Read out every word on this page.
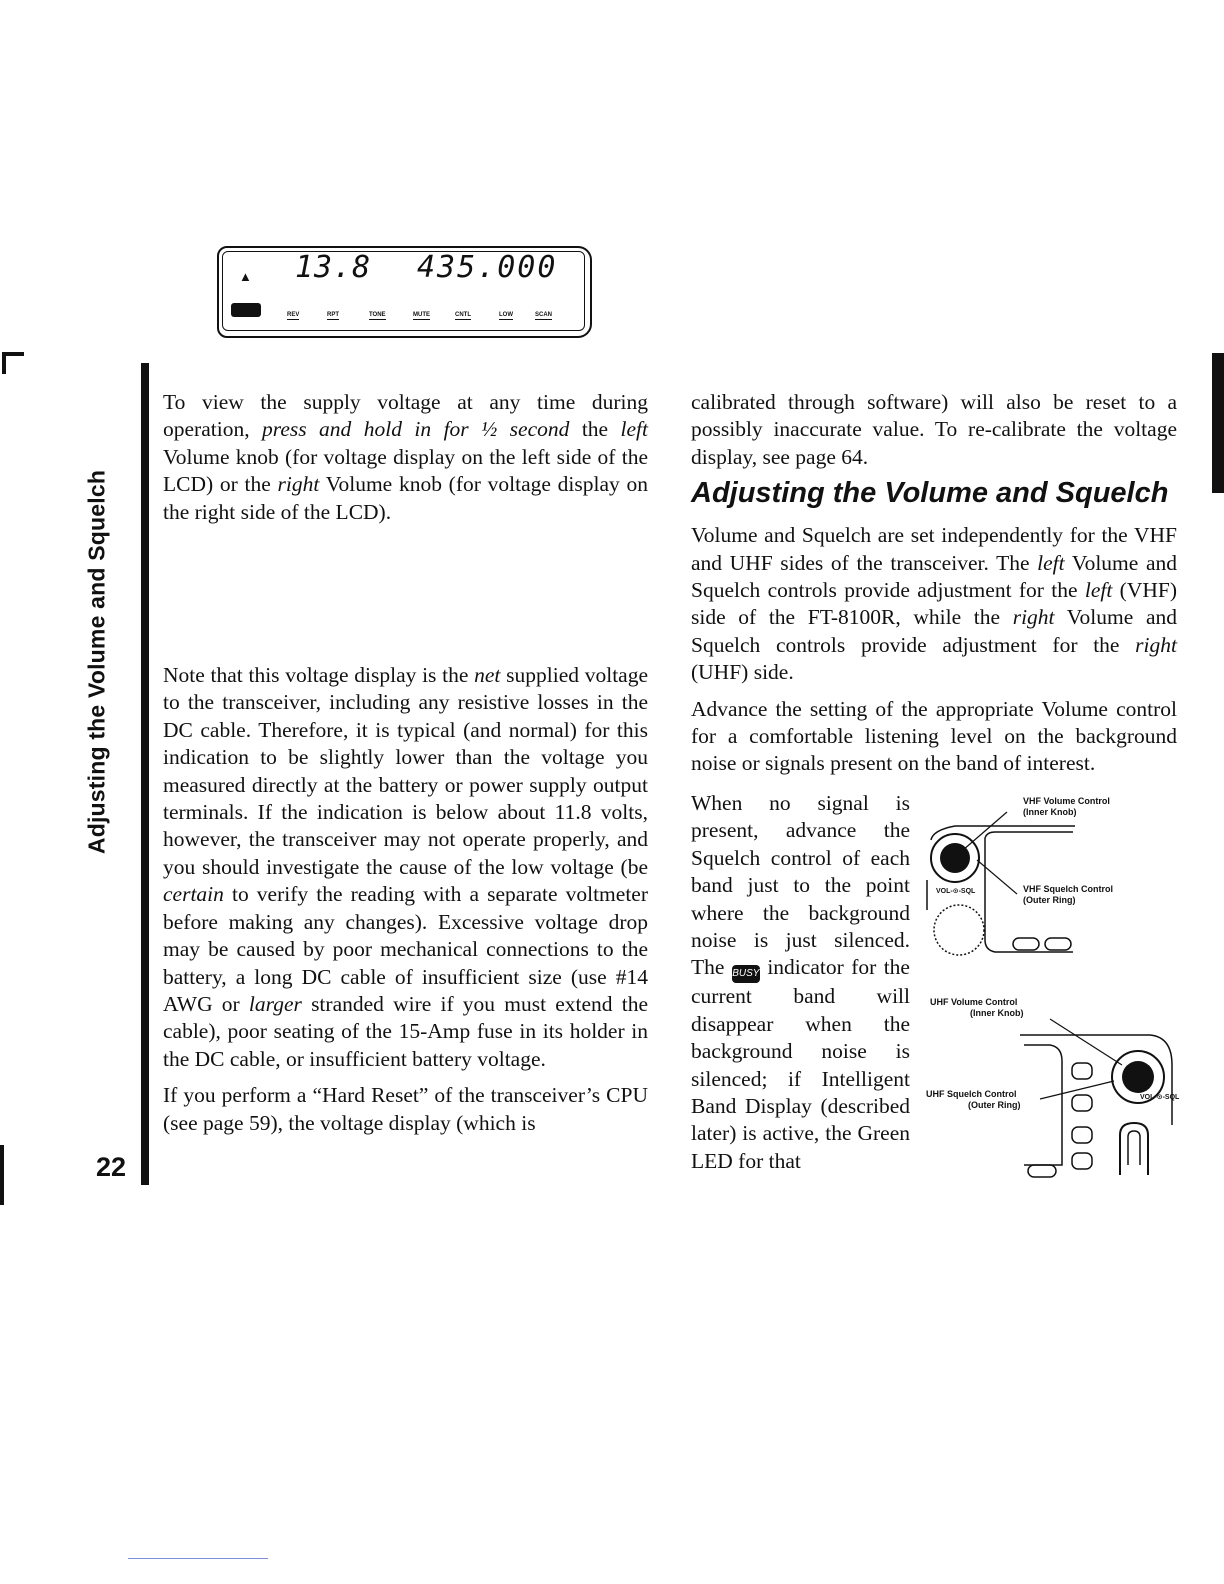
Adjusting the Volume and Squelch
22

To view the supply voltage at any time during operation, press and hold in for ½ second the left Volume knob (for voltage display on the left side of the LCD) or the right Volume knob (for voltage display on the right side of the LCD).

Note that this voltage display is the net supplied voltage to the transceiver, including any resistive losses in the DC cable. Therefore, it is typical (and normal) for this indication to be slightly lower than the voltage you measured directly at the battery or power supply output terminals. If the indication is below about 11.8 volts, however, the transceiver may not operate properly, and you should investigate the cause of the low voltage (be certain to verify the reading with a separate voltmeter before making any changes). Excessive voltage drop may be caused by poor mechanical connections to the battery, a long DC cable of insufficient size (use #14 AWG or larger stranded wire if you must extend the cable), poor seating of the 15-Amp fuse in its holder in the DC cable, or insufficient battery voltage.

If you perform a “Hard Reset” of the transceiver’s CPU (see page 59), the voltage display (which is

▲ 13.8 435.000
REV	RPT	TONE	MUTE	CNTL	LOW	SCAN

calibrated through software) will also be reset to a possibly inaccurate value. To re-calibrate the voltage display, see page 64.

Volume and Squelch are set independently for the VHF and UHF sides of the transceiver. The left Volume and Squelch controls provide adjustment for the left (VHF) side of the FT-8100R, while the right Volume and Squelch controls provide adjustment for the right (UHF) side.

Advance the setting of the appropriate Volume control for a comfortable listening level on the background noise or signals present on the band of interest.

Adjusting the Volume and Squelch
When no signal is present, advance the Squelch control of each band just to the point where the background noise is just silenced. The BUSY indicator for the current band will disappear when the background noise is silenced; if Intelligent Band Display (described later) is active, the Green LED for that
VHF Volume Control
(Inner Knob)
VHF Squelch Control
(Outer Ring)
VOL-⊙-SQL
UHF Volume Control
(Inner Knob)
UHF Squelch Control
(Outer Ring)
VOL-⊙-SQL
